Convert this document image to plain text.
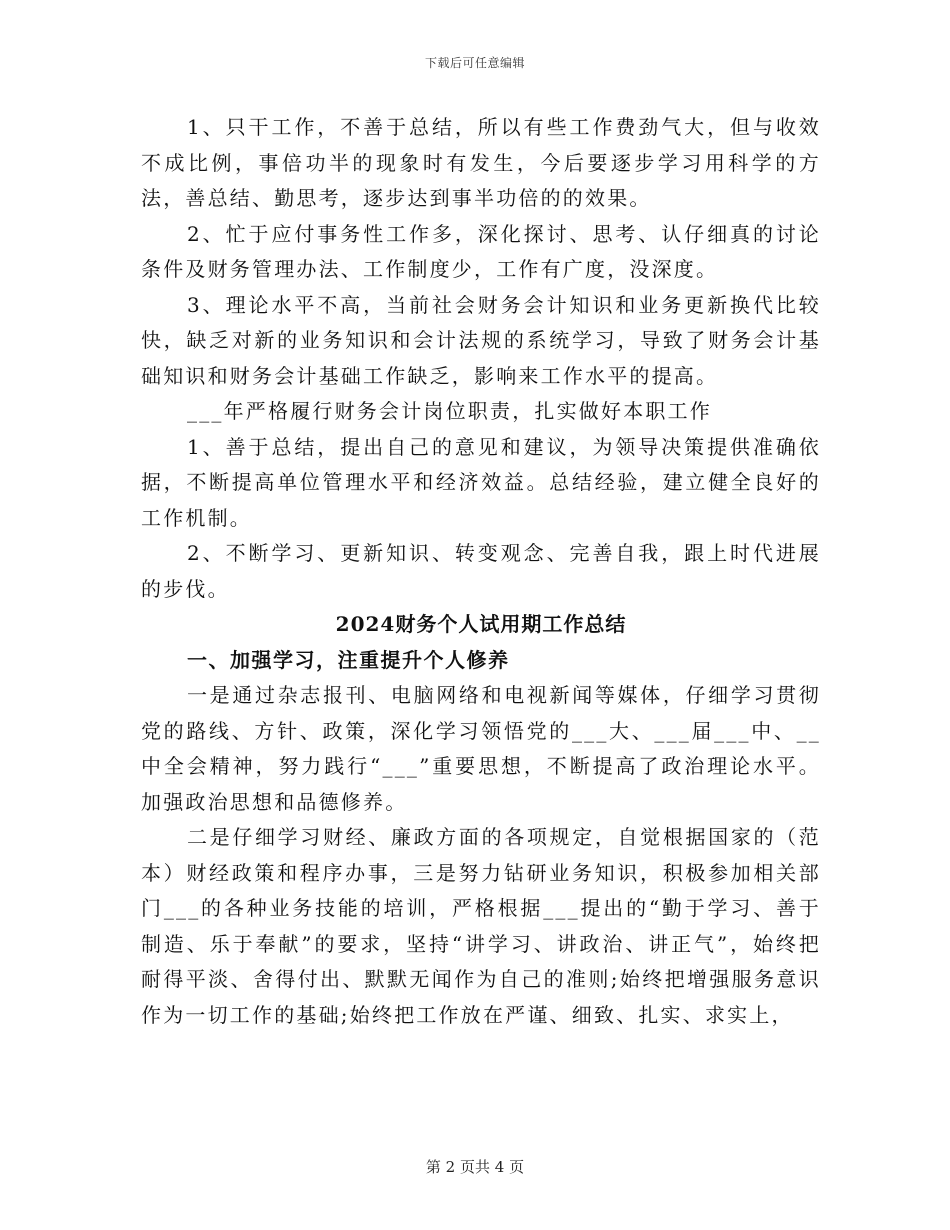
下载后可任意编辑

1、只干工作，不善于总结，所以有些工作费劲气大，但与收效不成比例，事倍功半的现象时有发生，今后要逐步学习用科学的方法，善总结、勤思考，逐步达到事半功倍的的效果。

2、忙于应付事务性工作多，深化探讨、思考、认仔细真的讨论条件及财务管理办法、工作制度少，工作有广度，没深度。

3、理论水平不高，当前社会财务会计知识和业务更新换代比较快，缺乏对新的业务知识和会计法规的系统学习，导致了财务会计基础知识和财务会计基础工作缺乏，影响来工作水平的提高。

___年严格履行财务会计岗位职责，扎实做好本职工作

1、善于总结，提出自己的意见和建议，为领导决策提供准确依据，不断提高单位管理水平和经济效益。总结经验，建立健全良好的工作机制。

2、不断学习、更新知识、转变观念、完善自我，跟上时代进展的步伐。

2024财务个人试用期工作总结

一、加强学习，注重提升个人修养

一是通过杂志报刊、电脑网络和电视新闻等媒体，仔细学习贯彻党的路线、方针、政策，深化学习领悟党的___大、___届___中、__中全会精神，努力践行“___”重要思想，不断提高了政治理论水平。加强政治思想和品德修养。

二是仔细学习财经、廉政方面的各项规定，自觉根据国家的（范本）财经政策和程序办事，三是努力钻研业务知识，积极参加相关部门___的各种业务技能的培训，严格根据___提出的“勤于学习、善于制造、乐于奉献”的要求，坚持“讲学习、讲政治、讲正气”，始终把耐得平淡、舍得付出、默默无闻作为自己的准则;始终把增强服务意识作为一切工作的基础;始终把工作放在严谨、细致、扎实、求实上，

第 2 页共 4 页
